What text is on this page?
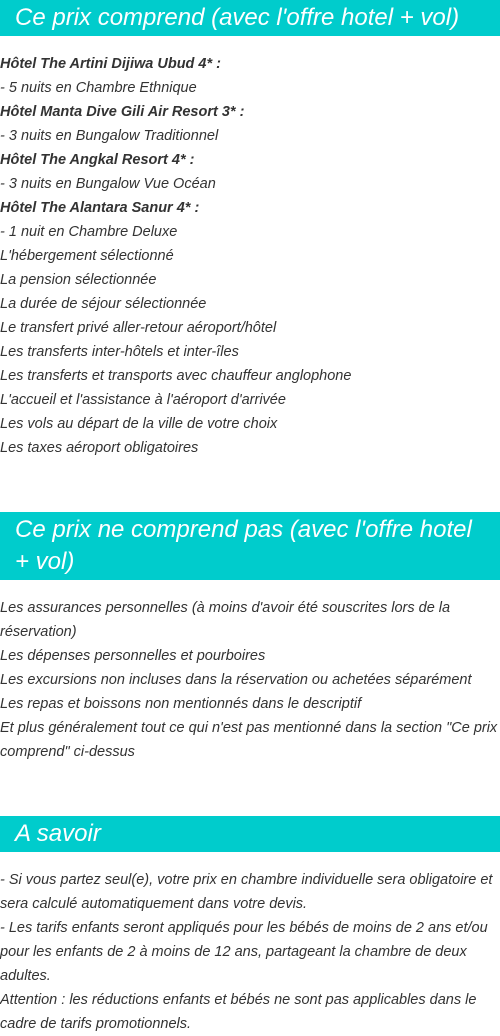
Ce prix comprend (avec l'offre hotel + vol)
Hôtel The Artini Dijiwa Ubud 4* :
- 5 nuits en Chambre Ethnique
Hôtel Manta Dive Gili Air Resort 3* :
- 3 nuits en Bungalow Traditionnel
Hôtel The Angkal Resort 4* :
- 3 nuits en Bungalow Vue Océan
Hôtel The Alantara Sanur 4* :
- 1 nuit en Chambre Deluxe
L'hébergement sélectionné
La pension sélectionnée
La durée de séjour sélectionnée
Le transfert privé aller-retour aéroport/hôtel
Les transferts inter-hôtels et inter-îles
Les transferts et transports avec chauffeur anglophone
L'accueil et l'assistance à l'aéroport d'arrivée
Les vols au départ de la ville de votre choix
Les taxes aéroport obligatoires
Ce prix ne comprend pas (avec l'offre hotel + vol)
Les assurances personnelles (à moins d'avoir été souscrites lors de la réservation)
Les dépenses personnelles et pourboires
Les excursions non incluses dans la réservation ou achetées séparément
Les repas et boissons non mentionnés dans le descriptif
Et plus généralement tout ce qui n'est pas mentionné dans la section "Ce prix comprend" ci-dessus
A savoir
- Si vous partez seul(e), votre prix en chambre individuelle sera obligatoire et sera calculé automatiquement dans votre devis.
- Les tarifs enfants seront appliqués pour les bébés de moins de 2 ans et/ou pour les enfants de 2 à moins de 12 ans, partageant la chambre de deux adultes.
Attention : les réductions enfants et bébés ne sont pas applicables dans le cadre de tarifs promotionnels.
